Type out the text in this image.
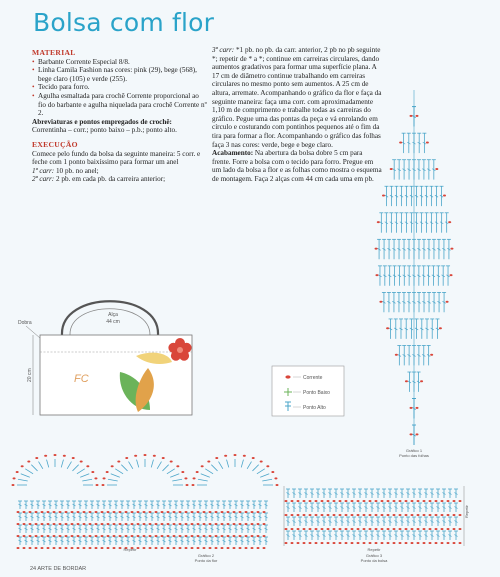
Bolsa com flor
MATERIAL
• Barbante Corrente Especial 8/8.
• Linha Camila Fashion nas cores: pink (29), bege (568), bege claro (105) e verde (255).
• Tecido para forro.
• Agulha esmaltada para crochê Corrente proporcional ao fio do barbante e agulha niquelada para crochê Corrente nº 2.
Abreviaturas e pontos empregados de crochê:
Correntinha – corr.; ponto baixo – p.b.; ponto alto.
EXECUÇÃO
Comece pelo fundo da bolsa da seguinte maneira: 5 corr. e feche com 1 ponto baixíssimo para formar um anel
1ª carr: 10 pb. no anel;
2ª carr: 2 pb. em cada pb. da carreira anterior;
3ª carr: *1 pb. no pb. da carr. anterior, 2 pb no pb seguinte *; repetir de * a *; continue em carreiras circulares, dando aumentos gradativos para formar uma superfície plana. A 17 cm de diâmetro continue trabalhando em carreiras circulares no mesmo ponto sem aumentos. A 25 cm de altura, arremate. Acompanhando o gráfico da flor e faça da seguinte maneira: faça uma corr. com aproximadamente 1,10 m de comprimento e trabalhe todas as carreiras do gráfico. Pegue uma das pontas da peça e vá enrolando em círculo e costurando com pontinhos pequenos até o fim da tira para formar a flor. Acompanhando o gráfico das folhas faça 3 nas cores: verde, bege e bege claro.
Acabamento: Na abertura da bolsa dobre 5 cm para frente. Forre a bolsa com o tecido para forro. Pregue em um lado da bolsa a flor e as folhas como mostra o esquema de montagem. Faça 2 alças com 44 cm cada uma em pb.
Alça
44 cm
Dobra
20 cm	FC	Corrente
Ponto Baixo
Ponto Alto
Gráfico 1
Ponto das folhas
Gráfico 2
Ponto da flor
Repetir
Gráfico 3
Ponto da bolsa
Repetir
Repetir
24 ARTE DE BORDAR
